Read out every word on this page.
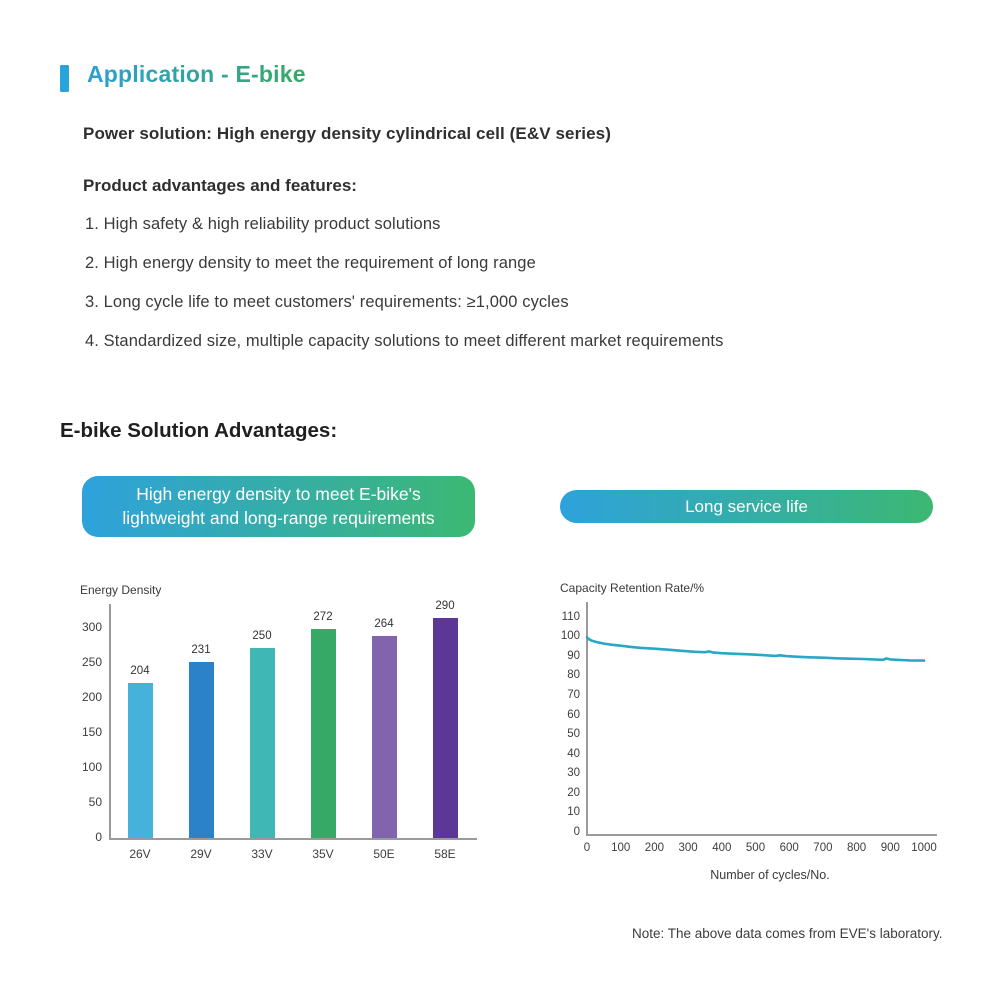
Application - E-bike
Power solution: High energy density cylindrical cell (E&V series)
Product advantages and features:
1. High safety & high reliability product solutions
2. High energy density to meet the requirement of long range
3. Long cycle life to meet customers' requirements: ≥1,000 cycles
4. Standardized size, multiple capacity solutions to meet different market requirements
E-bike Solution Advantages:
High energy density to meet E-bike's
lightweight and long-range requirements
Long service life
Energy Density
0
50
100
150
200
250
300
204
26V
231
29V
250
33V
272
35V
264
50E
290
58E
Capacity Retention Rate/%
Number of cycles/No.
0
10
20
30
40
50
60
70
80
90
100
110
0	100	200	300	400	500	600	700	800	900 1000
Note: The above data comes from EVE's laboratory.
